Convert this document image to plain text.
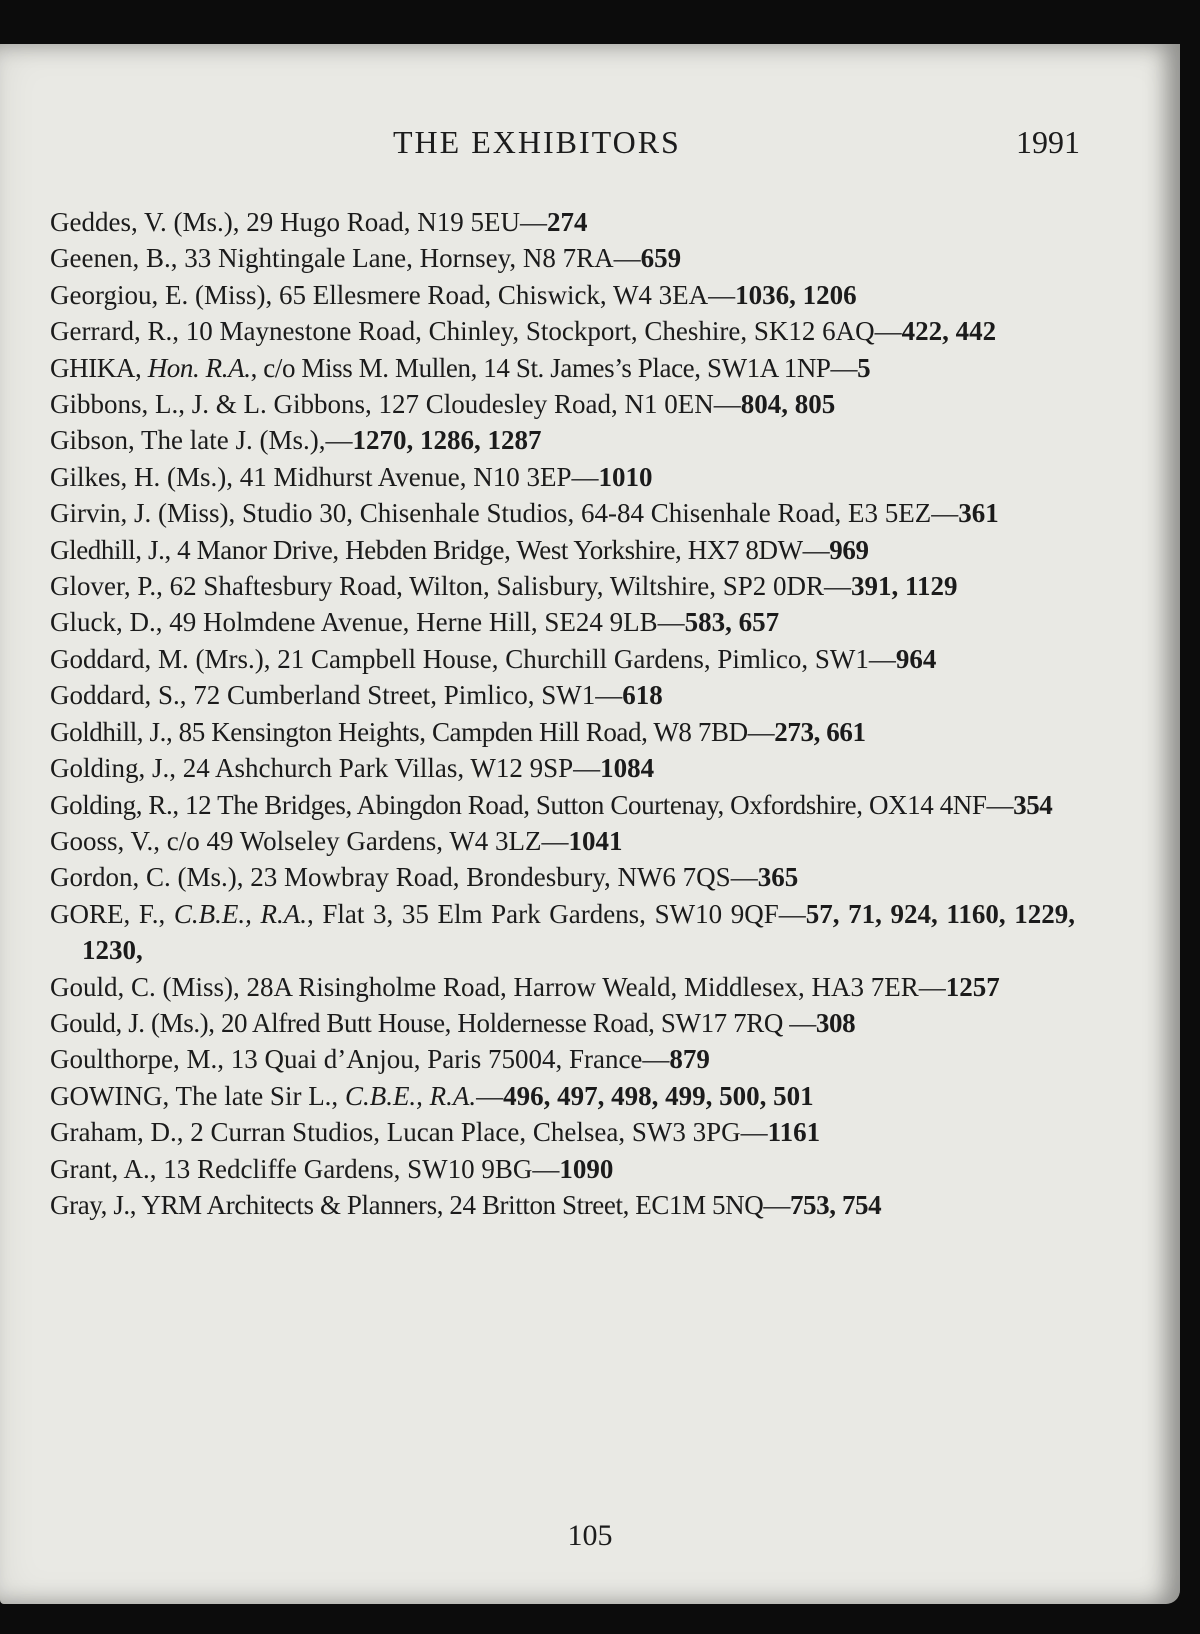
THE EXHIBITORS	1991
Geddes, V. (Ms.), 29 Hugo Road, N19 5EU—274
Geenen, B., 33 Nightingale Lane, Hornsey, N8 7RA—659
Georgiou, E. (Miss), 65 Ellesmere Road, Chiswick, W4 3EA—1036, 1206
Gerrard, R., 10 Maynestone Road, Chinley, Stockport, Cheshire, SK12 6AQ—422, 442
GHIKA, Hon. R.A., c/o Miss M. Mullen, 14 St. James’s Place, SW1A 1NP—5
Gibbons, L., J. & L. Gibbons, 127 Cloudesley Road, N1 0EN—804, 805
Gibson, The late J. (Ms.),—1270, 1286, 1287
Gilkes, H. (Ms.), 41 Midhurst Avenue, N10 3EP—1010
Girvin, J. (Miss), Studio 30, Chisenhale Studios, 64-84 Chisenhale Road, E3 5EZ—361
Gledhill, J., 4 Manor Drive, Hebden Bridge, West Yorkshire, HX7 8DW—969
Glover, P., 62 Shaftesbury Road, Wilton, Salisbury, Wiltshire, SP2 0DR—391, 1129
Gluck, D., 49 Holmdene Avenue, Herne Hill, SE24 9LB—583, 657
Goddard, M. (Mrs.), 21 Campbell House, Churchill Gardens, Pimlico, SW1—964
Goddard, S., 72 Cumberland Street, Pimlico, SW1—618
Goldhill, J., 85 Kensington Heights, Campden Hill Road, W8 7BD—273, 661
Golding, J., 24 Ashchurch Park Villas, W12 9SP—1084
Golding, R., 12 The Bridges, Abingdon Road, Sutton Courtenay, Oxfordshire, OX14 4NF—354
Gooss, V., c/o 49 Wolseley Gardens, W4 3LZ—1041
Gordon, C. (Ms.), 23 Mowbray Road, Brondesbury, NW6 7QS—365
GORE, F., C.B.E., R.A., Flat 3, 35 Elm Park Gardens, SW10 9QF—57, 71, 924, 1160, 1229, 1230,
Gould, C. (Miss), 28A Risingholme Road, Harrow Weald, Middlesex, HA3 7ER—1257
Gould, J. (Ms.), 20 Alfred Butt House, Holdernesse Road, SW17 7RQ —308
Goulthorpe, M., 13 Quai d’Anjou, Paris 75004, France—879
GOWING, The late Sir L., C.B.E., R.A.—496, 497, 498, 499, 500, 501
Graham, D., 2 Curran Studios, Lucan Place, Chelsea, SW3 3PG—1161
Grant, A., 13 Redcliffe Gardens, SW10 9BG—1090
Gray, J., YRM Architects & Planners, 24 Britton Street, EC1M 5NQ—753, 754
105
